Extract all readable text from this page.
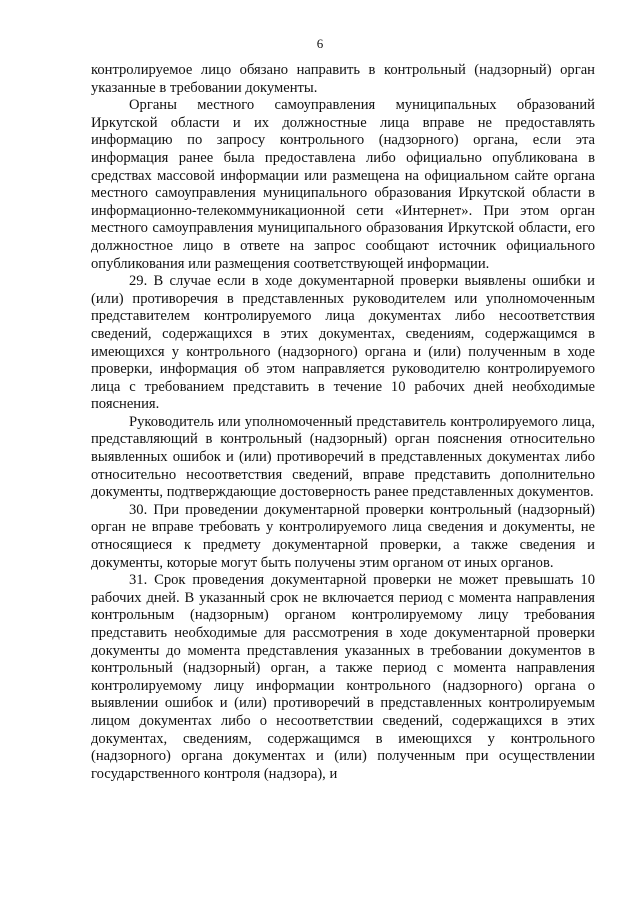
6

контролируемое лицо обязано направить в контрольный (надзорный) орган указанные в требовании документы.

Органы местного самоуправления муниципальных образований Иркутской области и их должностные лица вправе не предоставлять информацию по запросу контрольного (надзорного) органа, если эта информация ранее была предоставлена либо официально опубликована в средствах массовой информации или размещена на официальном сайте органа местного самоуправления муниципального образования Иркутской области в информационно-телекоммуникационной сети «Интернет». При этом орган местного самоуправления муниципального образования Иркутской области, его должностное лицо в ответе на запрос сообщают источник официального опубликования или размещения соответствующей информации.

29. В случае если в ходе документарной проверки выявлены ошибки и (или) противоречия в представленных руководителем или уполномоченным представителем контролируемого лица документах либо несоответствия сведений, содержащихся в этих документах, сведениям, содержащимся в имеющихся у контрольного (надзорного) органа и (или) полученным в ходе проверки, информация об этом направляется руководителю контролируемого лица с требованием представить в течение 10 рабочих дней необходимые пояснения.

Руководитель или уполномоченный представитель контролируемого лица, представляющий в контрольный (надзорный) орган пояснения относительно выявленных ошибок и (или) противоречий в представленных документах либо относительно несоответствия сведений, вправе представить дополнительно документы, подтверждающие достоверность ранее представленных документов.

30. При проведении документарной проверки контрольный (надзорный) орган не вправе требовать у контролируемого лица сведения и документы, не относящиеся к предмету документарной проверки, а также сведения и документы, которые могут быть получены этим органом от иных органов.

31. Срок проведения документарной проверки не может превышать 10 рабочих дней. В указанный срок не включается период с момента направления контрольным (надзорным) органом контролируемому лицу требования представить необходимые для рассмотрения в ходе документарной проверки документы до момента представления указанных в требовании документов в контрольный (надзорный) орган, а также период с момента направления контролируемому лицу информации контрольного (надзорного) органа о выявлении ошибок и (или) противоречий в представленных контролируемым лицом документах либо о несоответствии сведений, содержащихся в этих документах, сведениям, содержащимся в имеющихся у контрольного (надзорного) органа документах и (или) полученным при осуществлении государственного контроля (надзора), и
